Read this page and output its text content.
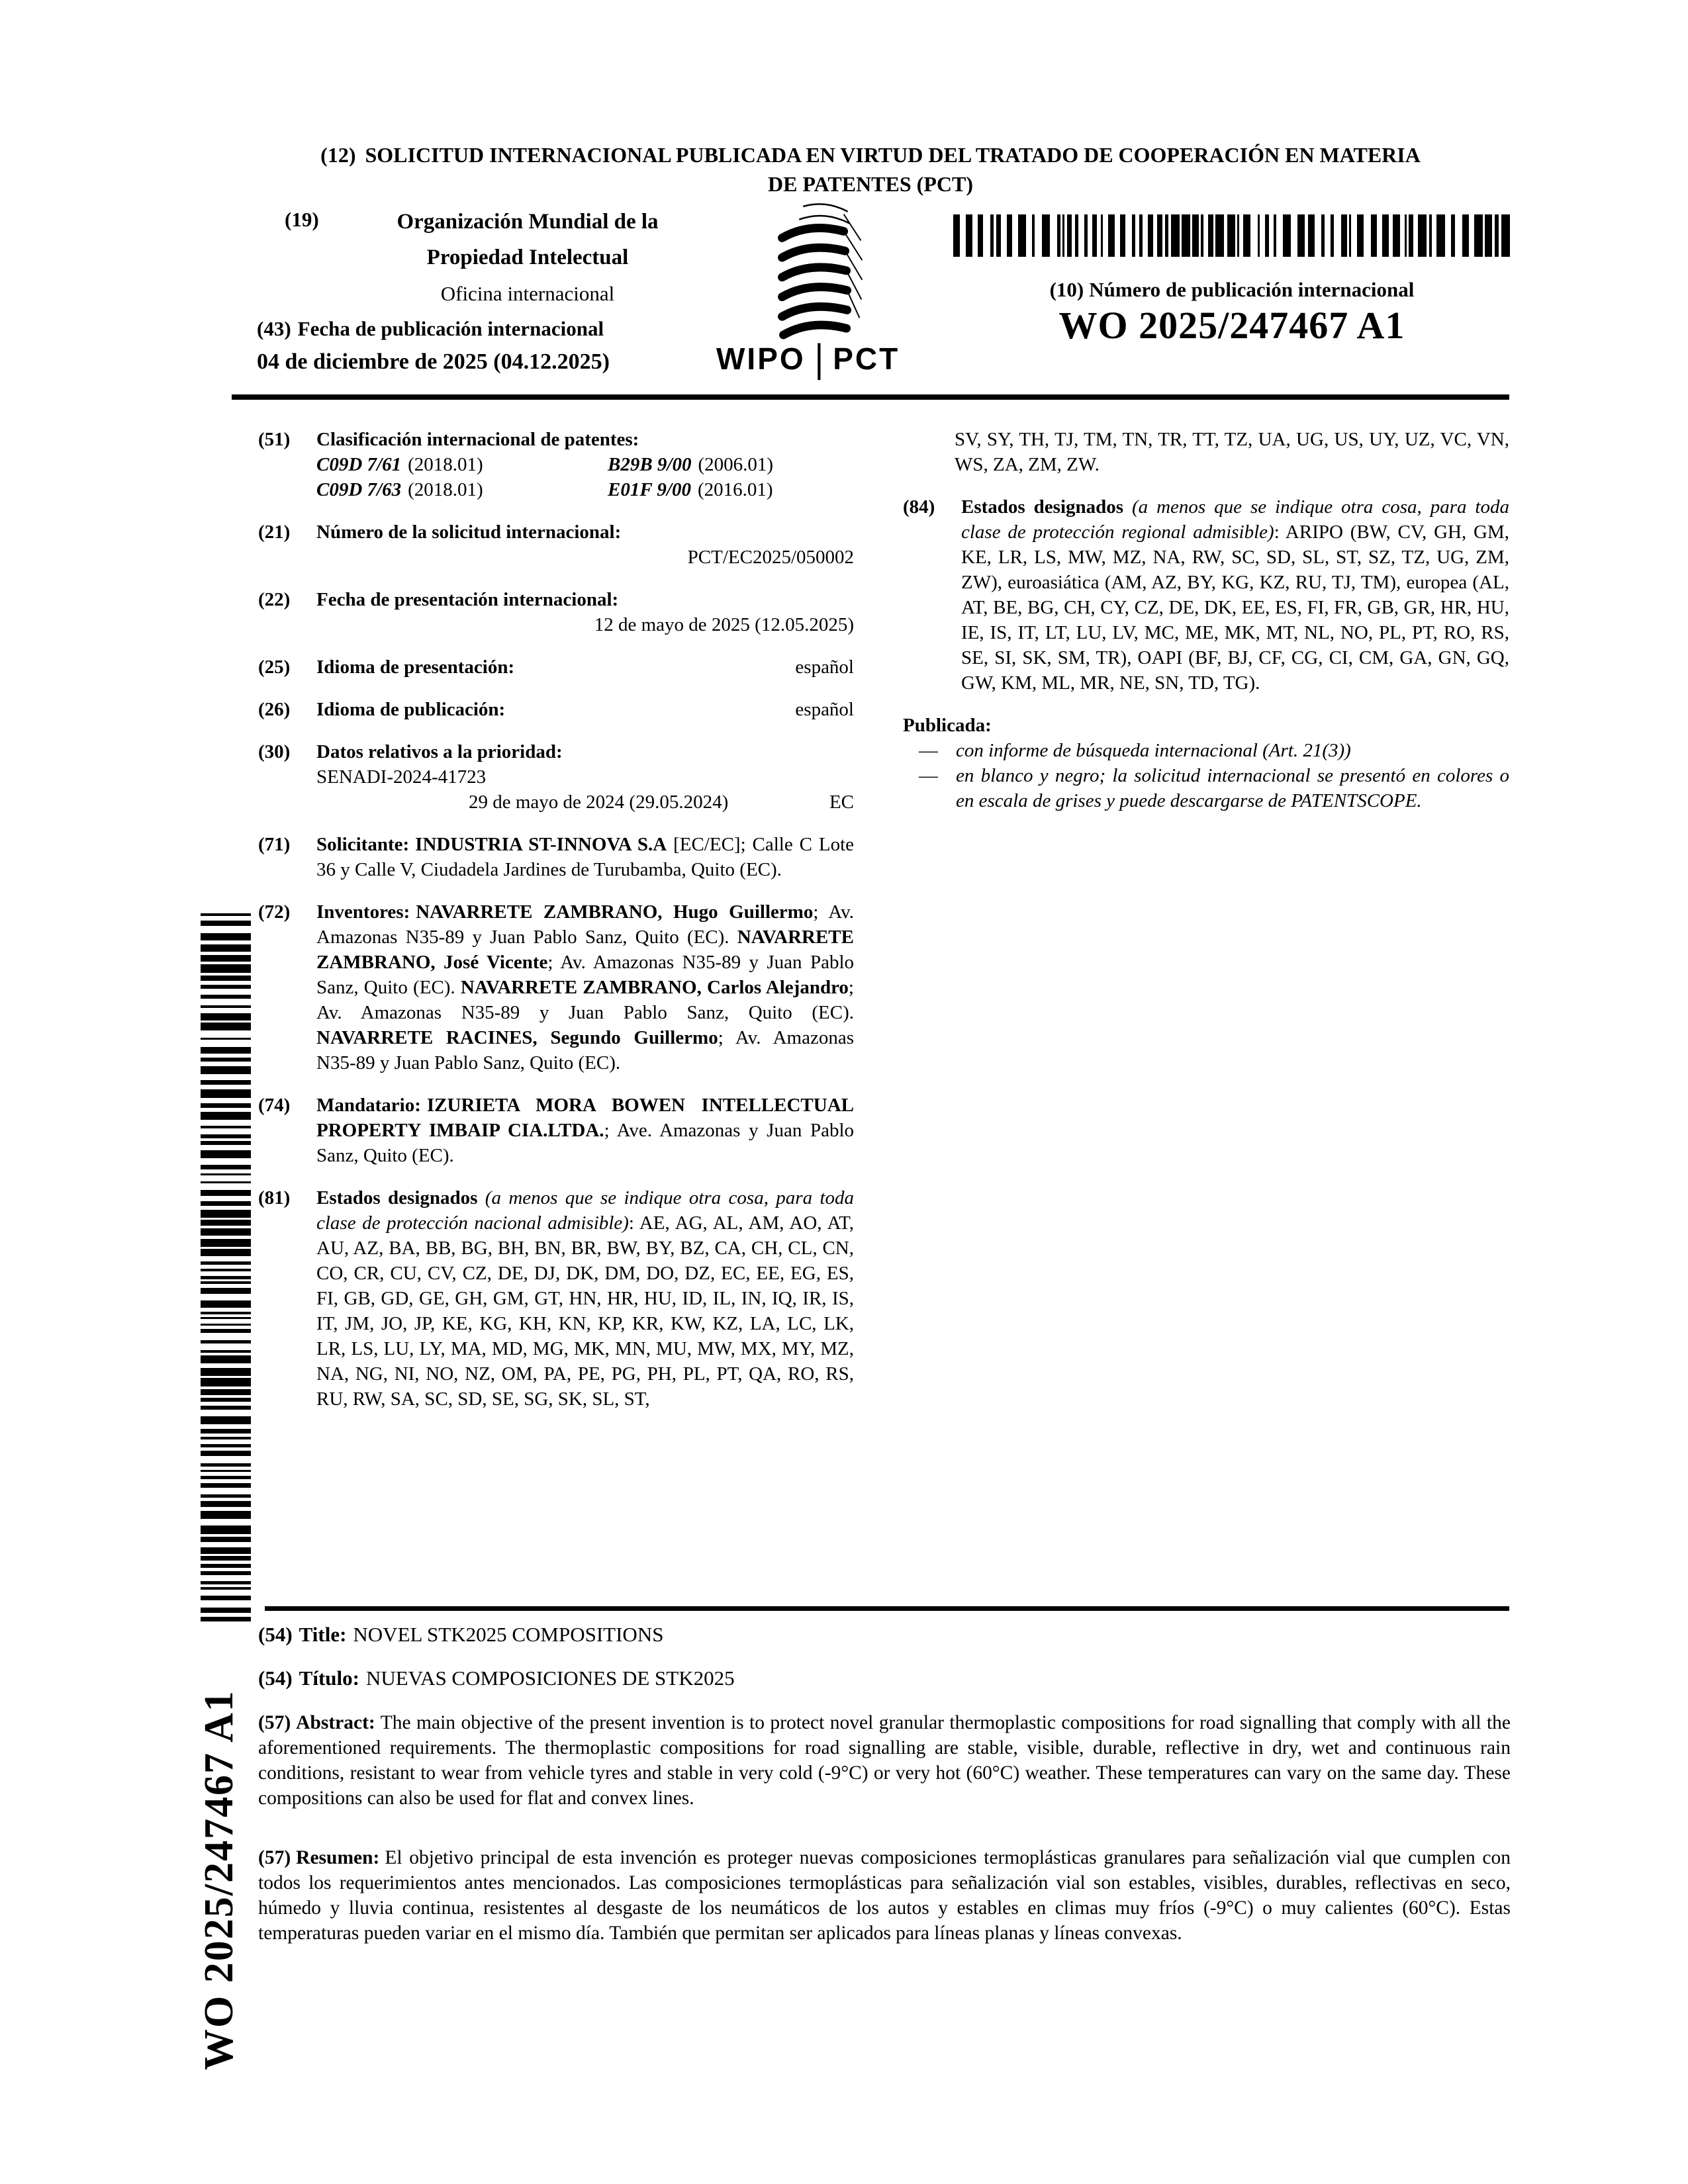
(12) SOLICITUD INTERNACIONAL PUBLICADA EN VIRTUD DEL TRATADO DE COOPERACIÓN EN MATERIA
DE PATENTES (PCT)
(19)	Organización Mundial de la
Propiedad Intelectual
Oficina internacional
WIPO | PCT
(43) Fecha de publicación internacional
04 de diciembre de 2025 (04.12.2025)
(10) Número de publicación internacional
WO 2025/247467 A1
(51) Clasificación internacional de patentes:
C09D 7/61 (2018.01)	B29B 9/00 (2006.01)
C09D 7/63 (2018.01)	E01F 9/00 (2016.01)
(21) Número de la solicitud internacional:
PCT/EC2025/050002
(22) Fecha de presentación internacional:
12 de mayo de 2025 (12.05.2025)
(25) Idioma de presentación:	español
(26) Idioma de publicación:	español
(30) Datos relativos a la prioridad:
SENADI-2024-41723
29 de mayo de 2024 (29.05.2024)	EC
(71) Solicitante: INDUSTRIA ST-INNOVA S.A [EC/EC]; Calle C Lote 36 y Calle V, Ciudadela Jardines de Turubamba, Quito (EC).
(72) Inventores: NAVARRETE ZAMBRANO, Hugo Guillermo; Av. Amazonas N35-89 y Juan Pablo Sanz, Quito (EC). NAVARRETE ZAMBRANO, José Vicente; Av. Amazonas N35-89 y Juan Pablo Sanz, Quito (EC). NAVARRETE ZAMBRANO, Carlos Alejandro; Av. Amazonas N35-89 y Juan Pablo Sanz, Quito (EC). NAVARRETE RACINES, Segundo Guillermo; Av. Amazonas N35-89 y Juan Pablo Sanz, Quito (EC).
(74) Mandatario: IZURIETA MORA BOWEN INTELLECTUAL PROPERTY IMBAIP CIA.LTDA.; Ave. Amazonas y Juan Pablo Sanz, Quito (EC).
(81) Estados designados (a menos que se indique otra cosa, para toda clase de protección nacional admisible): AE, AG, AL, AM, AO, AT, AU, AZ, BA, BB, BG, BH, BN, BR, BW, BY, BZ, CA, CH, CL, CN, CO, CR, CU, CV, CZ, DE, DJ, DK, DM, DO, DZ, EC, EE, EG, ES, FI, GB, GD, GE, GH, GM, GT, HN, HR, HU, ID, IL, IN, IQ, IR, IS, IT, JM, JO, JP, KE, KG, KH, KN, KP, KR, KW, KZ, LA, LC, LK, LR, LS, LU, LY, MA, MD, MG, MK, MN, MU, MW, MX, MY, MZ, NA, NG, NI, NO, NZ, OM, PA, PE, PG, PH, PL, PT, QA, RO, RS, RU, RW, SA, SC, SD, SE, SG, SK, SL, ST,
SV, SY, TH, TJ, TM, TN, TR, TT, TZ, UA, UG, US, UY, UZ, VC, VN, WS, ZA, ZM, ZW.
(84) Estados designados (a menos que se indique otra cosa, para toda clase de protección regional admisible): ARIPO (BW, CV, GH, GM, KE, LR, LS, MW, MZ, NA, RW, SC, SD, SL, ST, SZ, TZ, UG, ZM, ZW), euroasiática (AM, AZ, BY, KG, KZ, RU, TJ, TM), europea (AL, AT, BE, BG, CH, CY, CZ, DE, DK, EE, ES, FI, FR, GB, GR, HR, HU, IE, IS, IT, LT, LU, LV, MC, ME, MK, MT, NL, NO, PL, PT, RO, RS, SE, SI, SK, SM, TR), OAPI (BF, BJ, CF, CG, CI, CM, GA, GN, GQ, GW, KM, ML, MR, NE, SN, TD, TG).
Publicada:
— con informe de búsqueda internacional (Art. 21(3))
— en blanco y negro; la solicitud internacional se presentó en colores o en escala de grises y puede descargarse de PATENTSCOPE.
(54) Title: NOVEL STK2025 COMPOSITIONS
(54) Título: NUEVAS COMPOSICIONES DE STK2025
(57) Abstract: The main objective of the present invention is to protect novel granular thermoplastic compositions for road signalling that comply with all the aforementioned requirements. The thermoplastic compositions for road signalling are stable, visible, durable, reflective in dry, wet and continuous rain conditions, resistant to wear from vehicle tyres and stable in very cold (-9°C) or very hot (60°C) weather. These temperatures can vary on the same day. These compositions can also be used for flat and convex lines.
(57) Resumen: El objetivo principal de esta invención es proteger nuevas composiciones termoplásticas granulares para señalización vial que cumplen con todos los requerimientos antes mencionados. Las composiciones termoplásticas para señalización vial son estables, visibles, durables, reflectivas en seco, húmedo y lluvia continua, resistentes al desgaste de los neumáticos de los autos y estables en climas muy fríos (-9°C) o muy calientes (60°C). Estas temperaturas pueden variar en el mismo día. También que permitan ser aplicados para líneas planas y líneas convexas.
WO 2025/247467 A1
